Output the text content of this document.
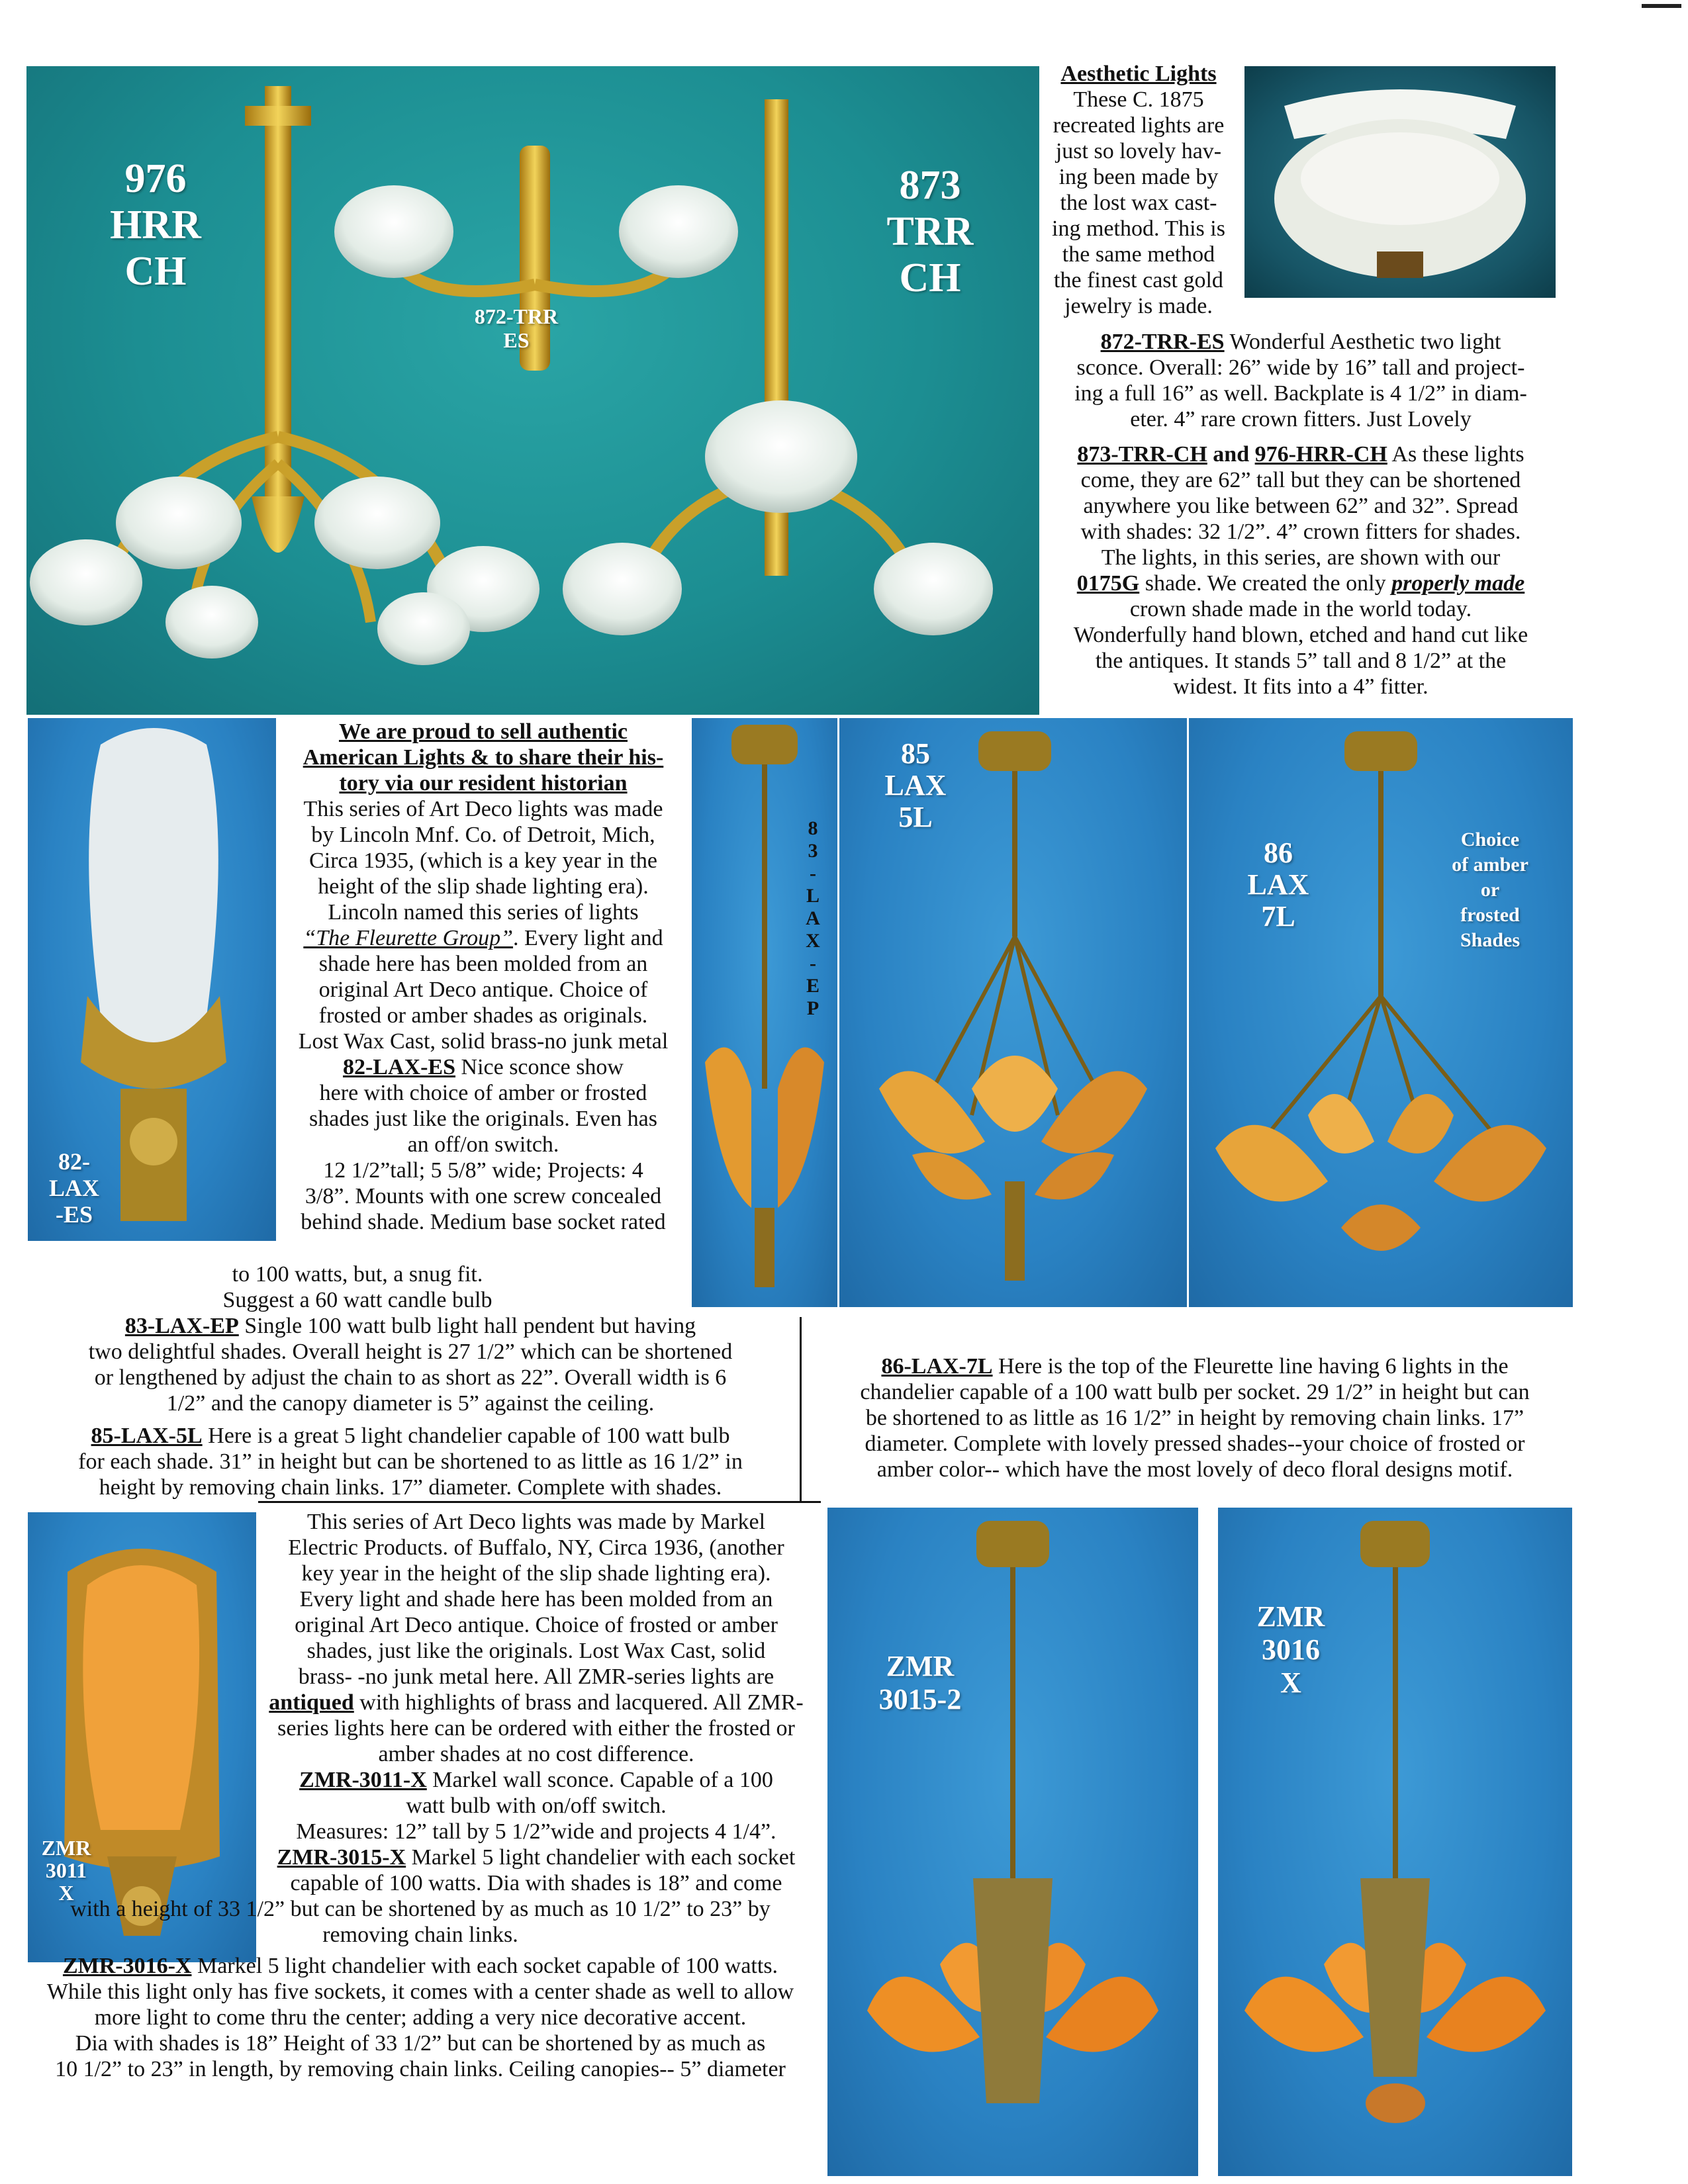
976
HRR
CH
873
TRR
CH
872-TRR
ES

Aesthetic Lights

These C. 1875

recreated lights are

just so lovely hav-

ing been made by

the lost wax cast-

ing method. This is

the same method

the finest cast gold

jewelry is made.

872-TRR-ES Wonderful Aesthetic two light

sconce. Overall: 26” wide by 16” tall and project-

ing a full 16” as well. Backplate is 4 1/2” in diam-

eter. 4” rare crown fitters. Just Lovely

873-TRR-CH and 976-HRR-CH As these lights

come, they are 62” tall but they can be shortened

anywhere you like between 62” and 32”. Spread

with shades: 32 1/2”. 4” crown fitters for shades.

The lights, in this series, are shown with our

0175G shade. We created the only properly made

crown shade made in the world today.

Wonderfully hand blown, etched and hand cut like

the antiques. It stands 5” tall and 8 1/2” at the

widest. It fits into a 4” fitter.

82-
LAX
-ES

We are proud to sell authentic

American Lights & to share their his-

tory via our resident historian

This series of Art Deco lights was made

by Lincoln Mnf. Co. of Detroit, Mich,

Circa 1935, (which is a key year in the

height of the slip shade lighting era).

Lincoln named this series of lights

“The Fleurette Group”. Every light and

shade here has been molded from an

original Art Deco antique. Choice of

frosted or amber shades as originals.

Lost Wax Cast, solid brass-no junk metal

82-LAX-ES Nice sconce show

here with choice of amber or frosted

shades just like the originals. Even has

an off/on switch.

12 1/2”tall; 5 5/8” wide; Projects: 4

3/8”. Mounts with one screw concealed

behind shade. Medium base socket rated

to 100 watts, but, a snug fit.

Suggest a 60 watt candle bulb

8
3
-
L
A
X
-
E
P
85
LAX
5L
86
LAX
7L
Choice
of amber
or
frosted
Shades

83-LAX-EP Single 100 watt bulb light hall pendent but having

two delightful shades. Overall height is 27 1/2” which can be shortened

or lengthened by adjust the chain to as short as 22”. Overall width is 6

1/2” and the canopy diameter is 5” against the ceiling.

85-LAX-5L Here is a great 5 light chandelier capable of 100 watt bulb

for each shade. 31” in height but can be shortened to as little as 16 1/2” in

height by removing chain links. 17” diameter. Complete with shades.

86-LAX-7L Here is the top of the Fleurette line having 6 lights in the

chandelier capable of a 100 watt bulb per socket. 29 1/2” in height but can

be shortened to as little as 16 1/2” in height by removing chain links. 17”

diameter. Complete with lovely pressed shades--your choice of frosted or

amber color-- which have the most lovely of deco floral designs motif.

ZMR
3011
X

This series of Art Deco lights was made by Markel

Electric Products. of Buffalo, NY, Circa 1936, (another

key year in the height of the slip shade lighting era).

Every light and shade here has been molded from an

original Art Deco antique. Choice of frosted or amber

shades, just like the originals. Lost Wax Cast, solid

brass- -no junk metal here. All ZMR-series lights are

antiqued with highlights of brass and lacquered. All ZMR-

series lights here can be ordered with either the frosted or

amber shades at no cost difference.

ZMR-3011-X Markel wall sconce. Capable of a 100

watt bulb with on/off switch.

Measures: 12” tall by 5 1/2”wide and projects 4 1/4”.

ZMR-3015-X Markel 5 light chandelier with each socket

capable of 100 watts. Dia with shades is 18” and come

with a height of 33 1/2” but can be shortened by as much as 10 1/2” to 23” by

removing chain links.

ZMR-3016-X Markel 5 light chandelier with each socket capable of 100 watts.

While this light only has five sockets, it comes with a center shade as well to allow

more light to come thru the center; adding a very nice decorative accent.

Dia with shades is 18” Height of 33 1/2” but can be shortened by as much as

10 1/2” to 23” in length, by removing chain links. Ceiling canopies-- 5” diameter

ZMR
3015-2
ZMR
3016
X
